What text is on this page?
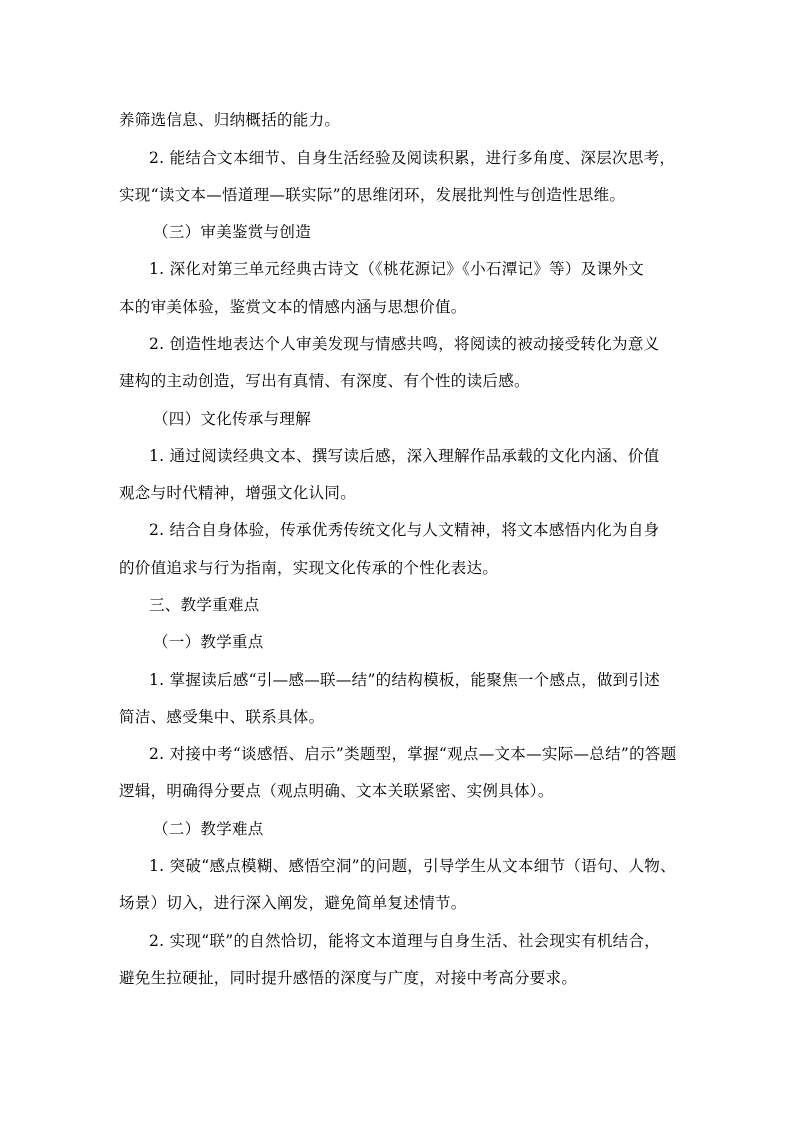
养筛选信息、归纳概括的能力。
2. 能结合文本细节、自身生活经验及阅读积累，进行多角度、深层次思考，
实现“读文本—悟道理—联实际”的思维闭环，发展批判性与创造性思维。
（三）审美鉴赏与创造
1. 深化对第三单元经典古诗文（《桃花源记》《小石潭记》等）及课外文
本的审美体验，鉴赏文本的情感内涵与思想价值。
2. 创造性地表达个人审美发现与情感共鸣，将阅读的被动接受转化为意义
建构的主动创造，写出有真情、有深度、有个性的读后感。
（四）文化传承与理解
1. 通过阅读经典文本、撰写读后感，深入理解作品承载的文化内涵、价值
观念与时代精神，增强文化认同。
2. 结合自身体验，传承优秀传统文化与人文精神，将文本感悟内化为自身
的价值追求与行为指南，实现文化传承的个性化表达。
三、教学重难点
（一）教学重点
1. 掌握读后感“引—感—联—结”的结构模板，能聚焦一个感点，做到引述
简洁、感受集中、联系具体。
2. 对接中考“谈感悟、启示”类题型，掌握“观点—文本—实际—总结”的答题
逻辑，明确得分要点（观点明确、文本关联紧密、实例具体）。
（二）教学难点
1. 突破“感点模糊、感悟空洞”的问题，引导学生从文本细节（语句、人物、
场景）切入，进行深入阐发，避免简单复述情节。
2. 实现“联”的自然恰切，能将文本道理与自身生活、社会现实有机结合，
避免生拉硬扯，同时提升感悟的深度与广度，对接中考高分要求。
